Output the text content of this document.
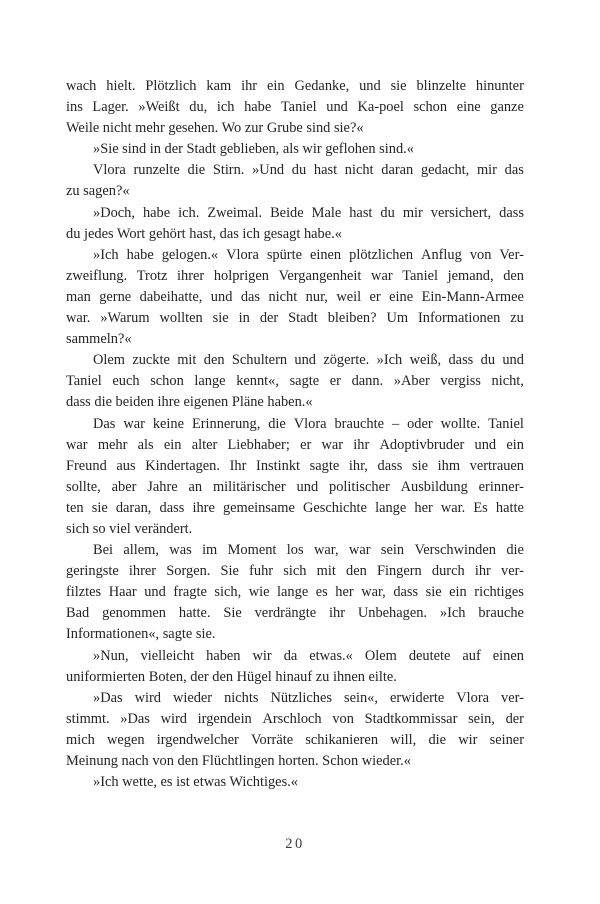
wach hielt. Plötzlich kam ihr ein Gedanke, und sie blinzelte hinunter
ins Lager. »Weißt du, ich habe Taniel und Ka-poel schon eine ganze
Weile nicht mehr gesehen. Wo zur Grube sind sie?«
»Sie sind in der Stadt geblieben, als wir geflohen sind.«
Vlora runzelte die Stirn. »Und du hast nicht daran gedacht, mir das
zu sagen?«
»Doch, habe ich. Zweimal. Beide Male hast du mir versichert, dass
du jedes Wort gehört hast, das ich gesagt habe.«
»Ich habe gelogen.« Vlora spürte einen plötzlichen Anflug von Ver-
zweiflung. Trotz ihrer holprigen Vergangenheit war Taniel jemand, den
man gerne dabeihatte, und das nicht nur, weil er eine Ein-Mann-Armee
war. »Warum wollten sie in der Stadt bleiben? Um Informationen zu
sammeln?«
Olem zuckte mit den Schultern und zögerte. »Ich weiß, dass du und
Taniel euch schon lange kennt«, sagte er dann. »Aber vergiss nicht,
dass die beiden ihre eigenen Pläne haben.«
Das war keine Erinnerung, die Vlora brauchte – oder wollte. Taniel
war mehr als ein alter Liebhaber; er war ihr Adoptivbruder und ein
Freund aus Kindertagen. Ihr Instinkt sagte ihr, dass sie ihm vertrauen
sollte, aber Jahre an militärischer und politischer Ausbildung erinner-
ten sie daran, dass ihre gemeinsame Geschichte lange her war. Es hatte
sich so viel verändert.
Bei allem, was im Moment los war, war sein Verschwinden die
geringste ihrer Sorgen. Sie fuhr sich mit den Fingern durch ihr ver-
filztes Haar und fragte sich, wie lange es her war, dass sie ein richtiges
Bad genommen hatte. Sie verdrängte ihr Unbehagen. »Ich brauche
Informationen«, sagte sie.
»Nun, vielleicht haben wir da etwas.« Olem deutete auf einen
uniformierten Boten, der den Hügel hinauf zu ihnen eilte.
»Das wird wieder nichts Nützliches sein«, erwiderte Vlora ver-
stimmt. »Das wird irgendein Arschloch von Stadtkommissar sein, der
mich wegen irgendwelcher Vorräte schikanieren will, die wir seiner
Meinung nach von den Flüchtlingen horten. Schon wieder.«
»Ich wette, es ist etwas Wichtiges.«
20
